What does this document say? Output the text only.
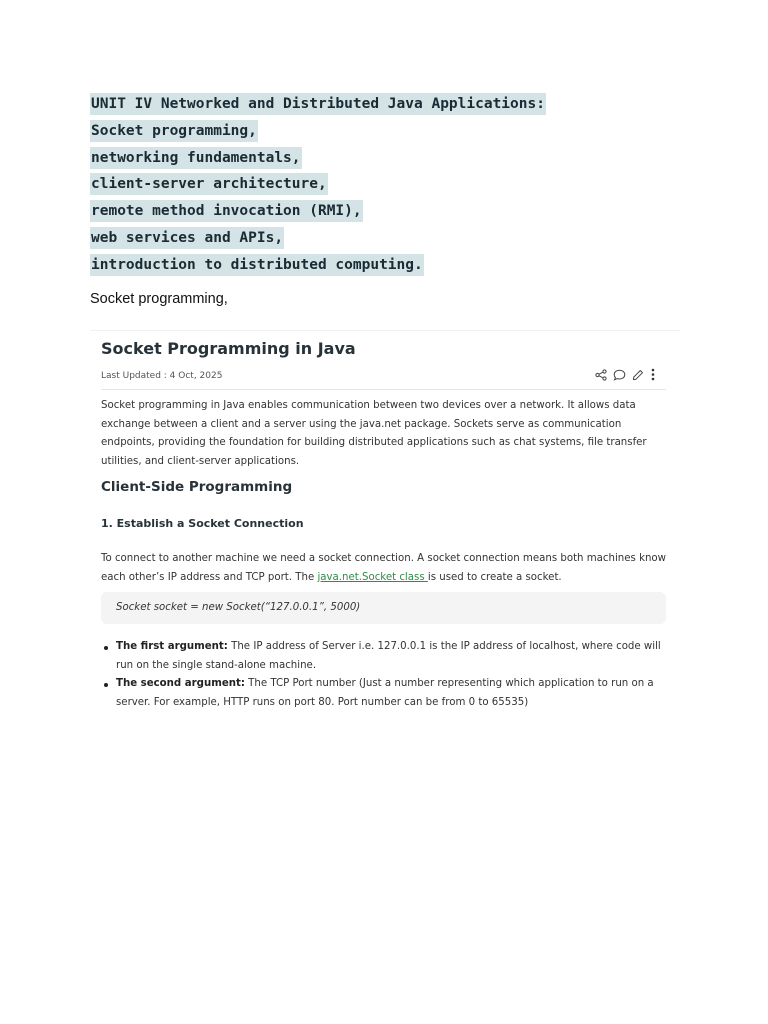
UNIT IV Networked and Distributed Java Applications:
Socket programming,
networking fundamentals,
client-server architecture,
remote method invocation (RMI),
web services and APIs,
introduction to distributed computing.
Socket programming,
Socket Programming in Java
Last Updated : 4 Oct, 2025

Socket programming in Java enables communication between two devices over a network. It allows data exchange between a client and a server using the java.net package. Sockets serve as communication endpoints, providing the foundation for building distributed applications such as chat systems, file transfer utilities, and client-server applications.

Client-Side Programming
1. Establish a Socket Connection

To connect to another machine we need a socket connection. A socket connection means both machines know each other’s IP address and TCP port. The java.net.Socket class is used to create a socket.

Socket socket = new Socket(“127.0.0.1”, 5000)
The first argument: The IP address of Server i.e. 127.0.0.1 is the IP address of localhost, where code will run on the single stand-alone machine.
The second argument: The TCP Port number (Just a number representing which application to run on a server. For example, HTTP runs on port 80. Port number can be from 0 to 65535)
